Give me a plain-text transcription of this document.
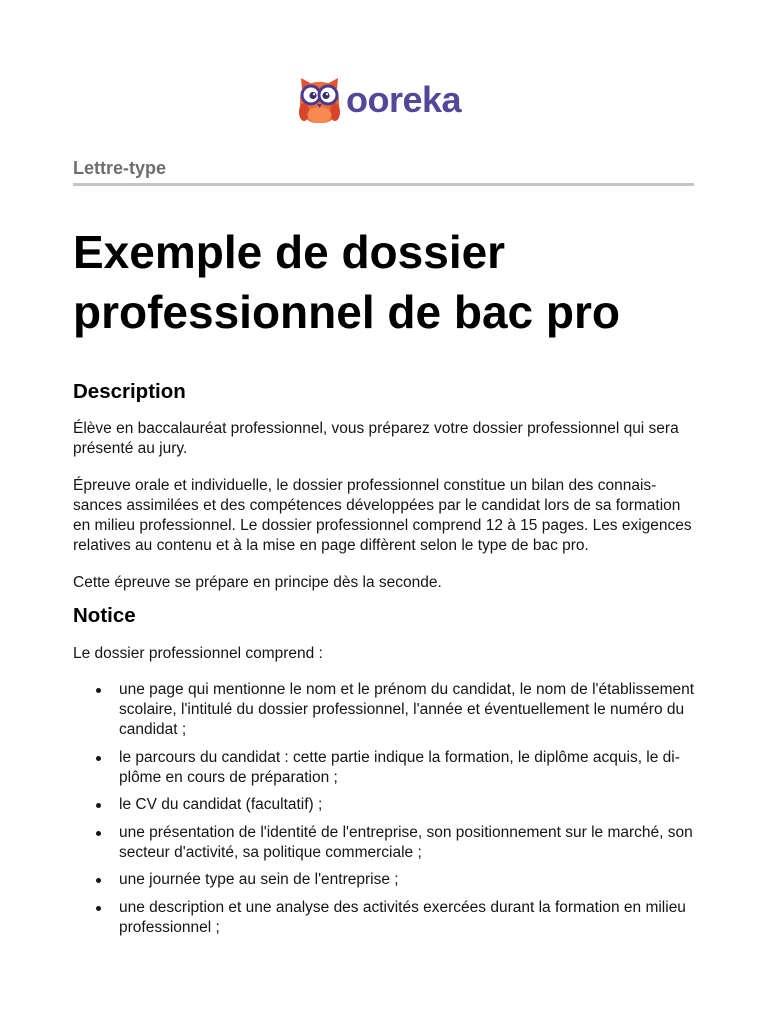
ooreka
Lettre-type
Exemple de dossier
professionnel de bac pro
Description
Élève en baccalauréat professionnel, vous préparez votre dossier professionnel qui sera
présenté au jury.
Épreuve orale et individuelle, le dossier professionnel constitue un bilan des connais-
sances assimilées et des compétences développées par le candidat lors de sa formation
en milieu professionnel. Le dossier professionnel comprend 12 à 15 pages. Les exigences
relatives au contenu et à la mise en page diffèrent selon le type de bac pro.
Cette épreuve se prépare en principe dès la seconde.
Notice
Le dossier professionnel comprend :
une page qui mentionne le nom et le prénom du candidat, le nom de l'établissement
scolaire, l'intitulé du dossier professionnel, l'année et éventuellement le numéro du
candidat ;
le parcours du candidat : cette partie indique la formation, le diplôme acquis, le di-
plôme en cours de préparation ;
le CV du candidat (facultatif) ;
une présentation de l'identité de l'entreprise, son positionnement sur le marché, son
secteur d'activité, sa politique commerciale ;
une journée type au sein de l'entreprise ;
une description et une analyse des activités exercées durant la formation en milieu
professionnel ;
